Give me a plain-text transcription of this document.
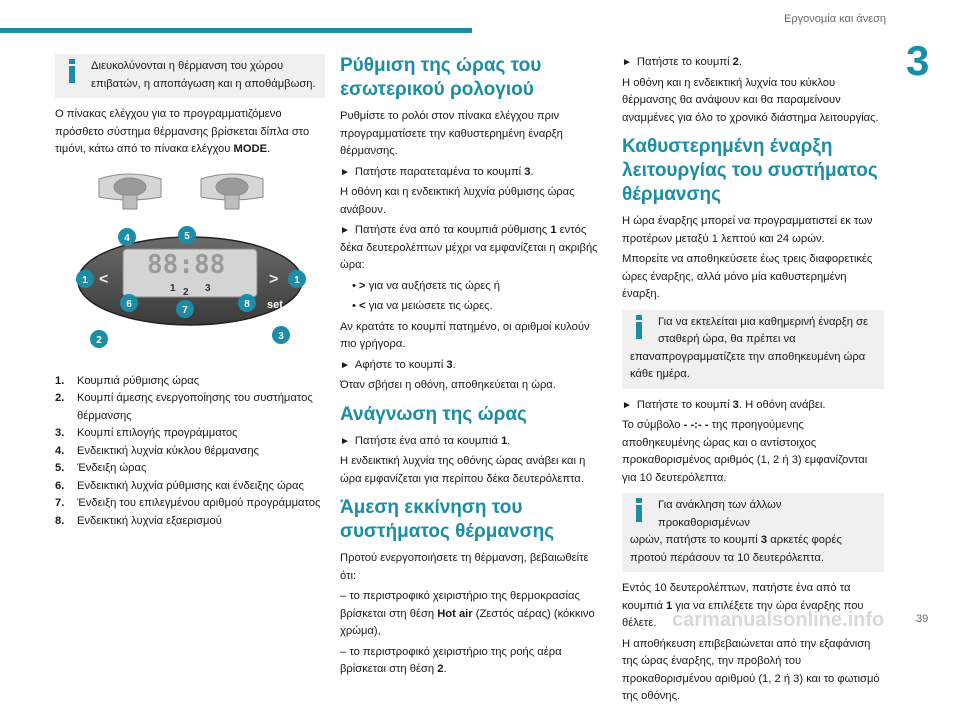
Εργονομία και άνεση
3
Διευκολύνονται η θέρμανση του χώρου επιβατών, η αποπάγωση και η αποθάμβωση.

Ο πίνακας ελέγχου για το προγραμματιζόμενο πρόσθετο σύστημα θέρμανσης βρίσκεται δίπλα στο τιμόνι, κάτω από το πίνακα ελέγχου MODE.

88:88
1 2 3
<	>
set
1	1
2	3
4	5
6
7
8
1. Κουμπιά ρύθμισης ώρας
2. Κουμπί άμεσης ενεργοποίησης του συστήματος θέρμανσης
3. Κουμπί επιλογής προγράμματος
4. Ενδεικτική λυχνία κύκλου θέρμανσης
5. Ένδειξη ώρας
6. Ενδεικτική λυχνία ρύθμισης και ένδειξης ώρας
7. Ένδειξη του επιλεγμένου αριθμού προγράμματος
8. Ενδεικτική λυχνία εξαερισμού
Ρύθμιση της ώρας του εσωτερικού ρολογιού

Ρυθμίστε το ρολόι στον πίνακα ελέγχου πριν προγραμματίσετε την καθυστερημένη έναρξη θέρμανσης.

► Πατήστε παρατεταμένα το κουμπί 3.

Η οθόνη και η ενδεικτική λυχνία ρύθμισης ώρας ανάβουν.

► Πατήστε ένα από τα κουμπιά ρύθμισης 1 εντός δέκα δευτερολέπτων μέχρι να εμφανίζεται η ακριβής ώρα:

• > για να αυξήσετε τις ώρες ή

• < για να μειώσετε τις ώρες.

Αν κρατάτε το κουμπί πατημένο, οι αριθμοί κυλούν πιο γρήγορα.

► Αφήστε το κουμπί 3.

Όταν σβήσει η οθόνη, αποθηκεύεται η ώρα.

Ανάγνωση της ώρας

► Πατήστε ένα από τα κουμπιά 1.

Η ενδεικτική λυχνία της οθόνης ώρας ανάβει και η ώρα εμφανίζεται για περίπου δέκα δευτερόλεπτα.

Άμεση εκκίνηση του συστήματος θέρμανσης

Προτού ενεργοποιήσετε τη θέρμανση, βεβαιωθείτε ότι:

– το περιστροφικό χειριστήριο της θερμοκρασίας βρίσκεται στη θέση Hot air (Ζεστός αέρας) (κόκκινο χρώμα),

– το περιστροφικό χειριστήριο της ροής αέρα βρίσκεται στη θέση 2.

► Πατήστε το κουμπί 2.

Η οθόνη και η ενδεικτική λυχνία του κύκλου θέρμανσης θα ανάψουν και θα παραμείνουν αναμμένες για όλο το χρονικό διάστημα λειτουργίας.

Καθυστερημένη έναρξη λειτουργίας του συστήματος θέρμανσης

Η ώρα έναρξης μπορεί να προγραμματιστεί εκ των προτέρων μεταξύ 1 λεπτού και 24 ωρών.

Μπορείτε να αποθηκεύσετε έως τρεις διαφορετικές ώρες έναρξης, αλλά μόνο μία καθυστερημένη έναρξη.

Για να εκτελείται μια καθημερινή έναρξη σε σταθερή ώρα, θα πρέπει να
επαναπρογραμματίζετε την αποθηκευμένη ώρα κάθε ημέρα.

► Πατήστε το κουμπί 3. Η οθόνη ανάβει.

Το σύμβολο - -:- - της προηγούμενης αποθηκευμένης ώρας και ο αντίστοιχος προκαθορισμένος αριθμός (1, 2 ή 3) εμφανίζονται για 10 δευτερόλεπτα.

Για ανάκληση των άλλων προκαθορισμένων
ωρών, πατήστε το κουμπί 3 αρκετές φορές προτού περάσουν τα 10 δευτερόλεπτα.

Εντός 10 δευτερολέπτων, πατήστε ένα από τα κουμπιά 1 για να επιλέξετε την ώρα έναρξης που θέλετε.

Η αποθήκευση επιβεβαιώνεται από την εξαφάνιση της ώρας έναρξης, την προβολή του προκαθορισμένου αριθμού (1, 2 ή 3) και το φωτισμό της οθόνης.

carmanualsonline.info	39
